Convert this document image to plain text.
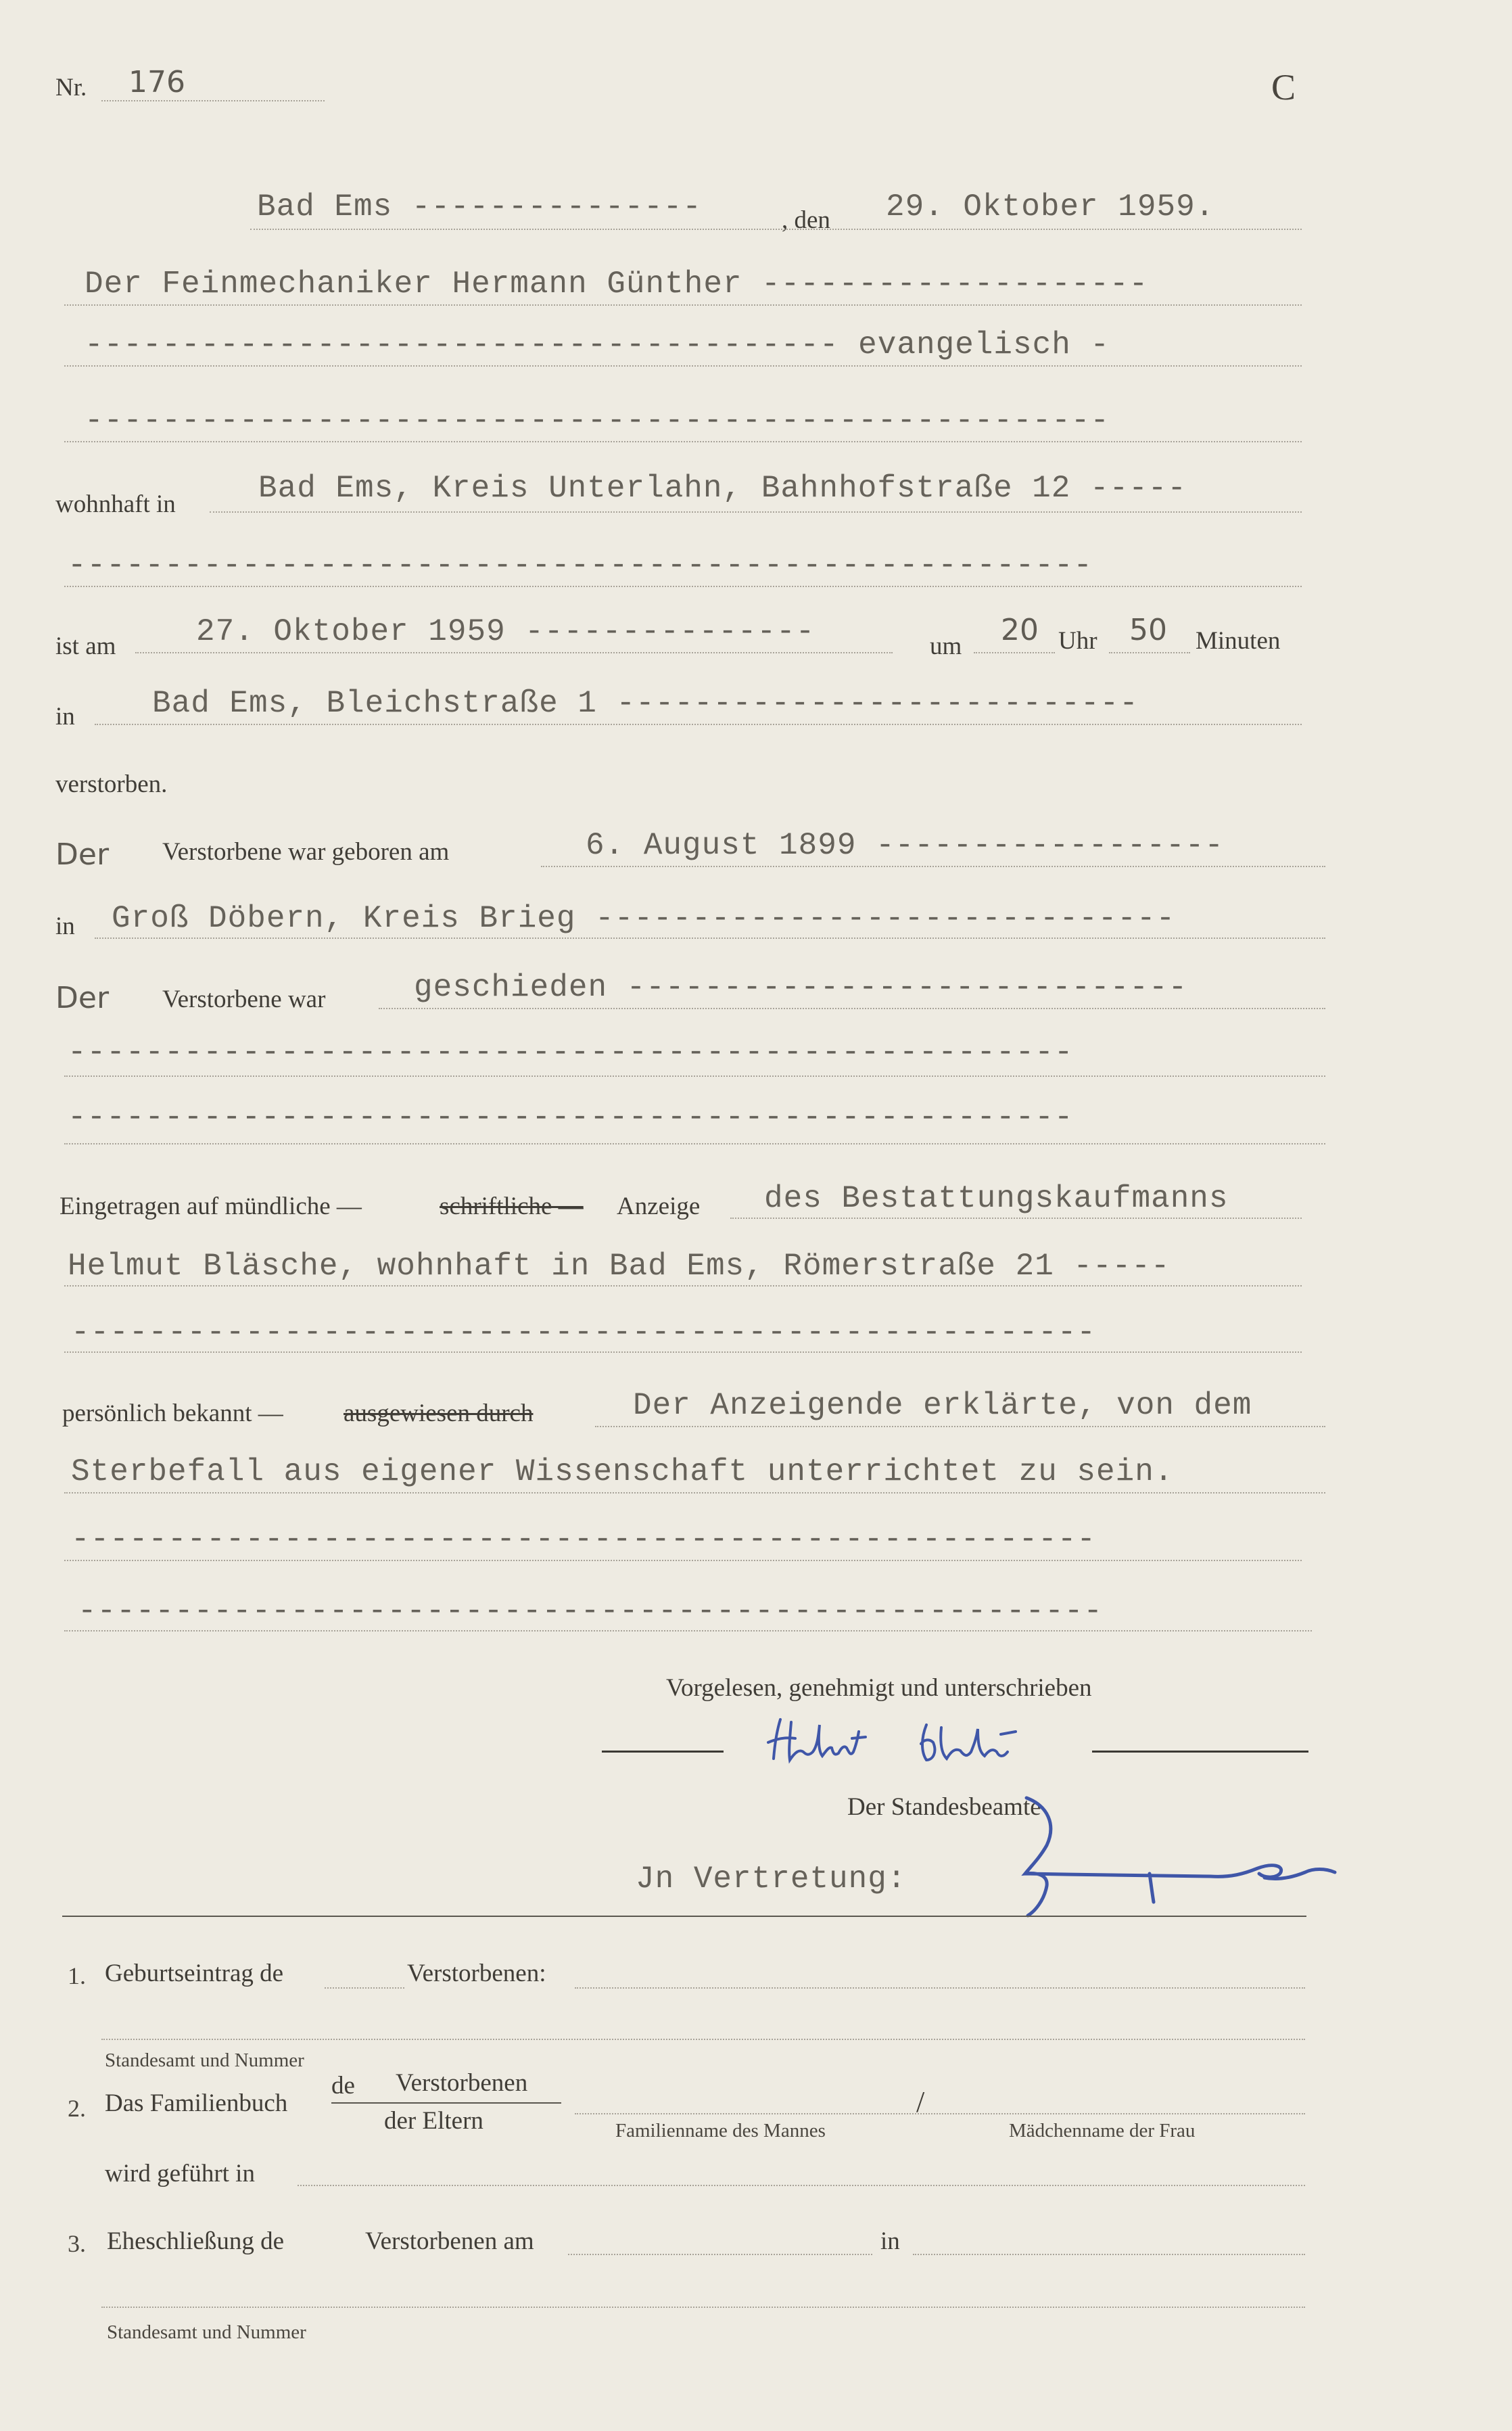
Nr. 176	C
Bad Ems ---------------	, den 29. Oktober 1959.
Der Feinmechaniker Hermann Günther --------------------
--------------------------------------- evangelisch -
-----------------------------------------------------
wohnhaft in	Bad Ems, Kreis Unterlahn, Bahnhofstraße 12 -----
-----------------------------------------------------
ist am	27. Oktober 1959 ---------------	um 20 Uhr 50 Minuten
in Bad Ems, Bleichstraße 1 ---------------------------
verstorben.
Der Verstorbene war geboren am	6. August 1899 ------------------
in Groß Döbern, Kreis Brieg ------------------------------
Der Verstorbene war	geschieden -----------------------------
----------------------------------------------------
----------------------------------------------------
Eingetragen auf mündliche —	schriftliche — Anzeige des Bestattungskaufmanns
Helmut Bläsche, wohnhaft in Bad Ems, Römerstraße 21 -----
-----------------------------------------------------
persönlich bekannt — ausgewiesen durch	Der Anzeigende erklärte, von dem
Sterbefall aus eigener Wissenschaft unterrichtet zu sein.
-----------------------------------------------------
-----------------------------------------------------
Vorgelesen, genehmigt und unterschrieben
Der Standesbeamte
Jn Vertretung:
1. Geburtseintrag de	Verstorbenen:
Standesamt und Nummer
2. Das Familienbuch
de Verstorbenen
der Eltern
/
Familienname des Mannes	Mädchenname der Frau
wird geführt in
3. Eheschließung de	Verstorbenen am	in
Standesamt und Nummer
